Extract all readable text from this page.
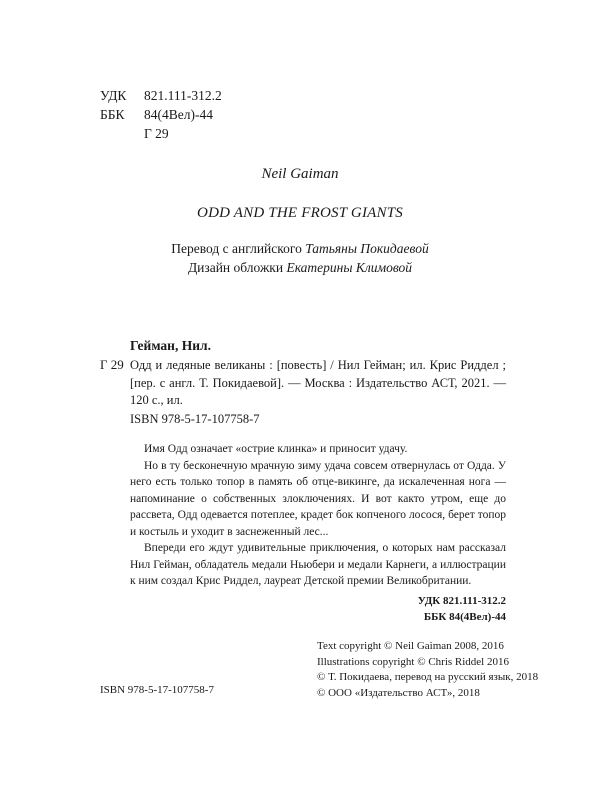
УДК	821.111-312.2
ББК	84(4Вел)-44
Г 29
Neil Gaiman
ODD AND THE FROST GIANTS
Перевод с английского Татьяны Покидаевой
Дизайн обложки Екатерины Климовой
Гейман, Нил.
Г 29 Одд и ледяные великаны : [повесть] / Нил Гейман; ил. Крис Риддел ; [пер. с англ. Т. Покидаевой]. — Москва : Издательство АСТ, 2021. — 120 с., ил.
ISBN 978-5-17-107758-7

Имя Одд означает «острие клинка» и приносит удачу.

Но в ту бесконечную мрачную зиму удача совсем отвернулась от Одда. У него есть только топор в память об отце-викинге, да искалеченная нога — напоминание о собственных злоключениях. И вот както утром, еще до рассвета, Одд одевается потеплее, крадет бок копченого лосося, берет топор и костыль и уходит в заснеженный лес...

Впереди его ждут удивительные приключения, о которых нам рассказал Нил Гейман, обладатель медали Ньюбери и медали Карнеги, а иллюстрации к ним создал Крис Риддел, лауреат Детской премии Великобритании.

УДК 821.111-312.2
ББК 84(4Вел)-44
Text copyright © Neil Gaiman 2008, 2016
Illustrations copyright © Chris Riddel 2016
© Т. Покидаева, перевод на русский язык, 2018
© ООО «Издательство АСТ», 2018
ISBN 978-5-17-107758-7
